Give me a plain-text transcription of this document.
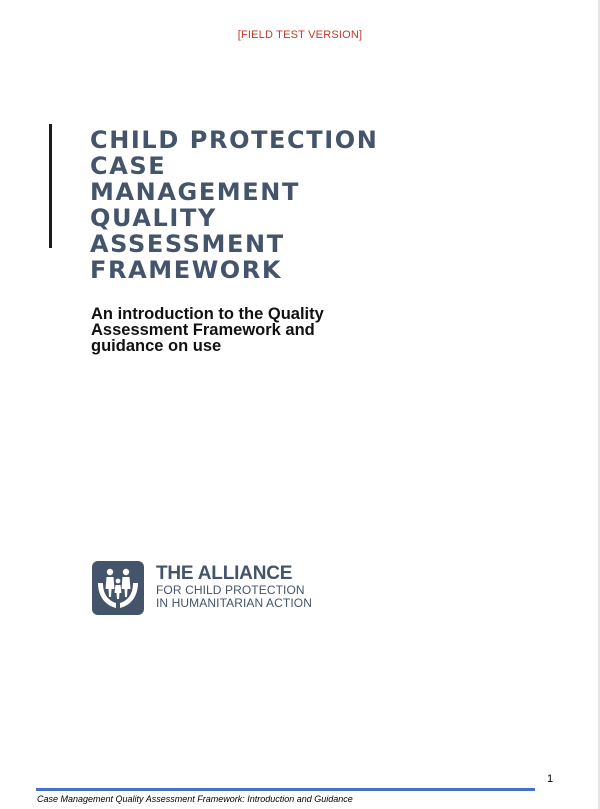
[FIELD TEST VERSION]
CHILD PROTECTION
CASE
MANAGEMENT
QUALITY
ASSESSMENT
FRAMEWORK
An introduction to the Quality
Assessment Framework and
guidance on use
THE ALLIANCE
FOR CHILD PROTECTION
IN HUMANITARIAN ACTION
1
Case Management Quality Assessment Framework: Introduction and Guidance
